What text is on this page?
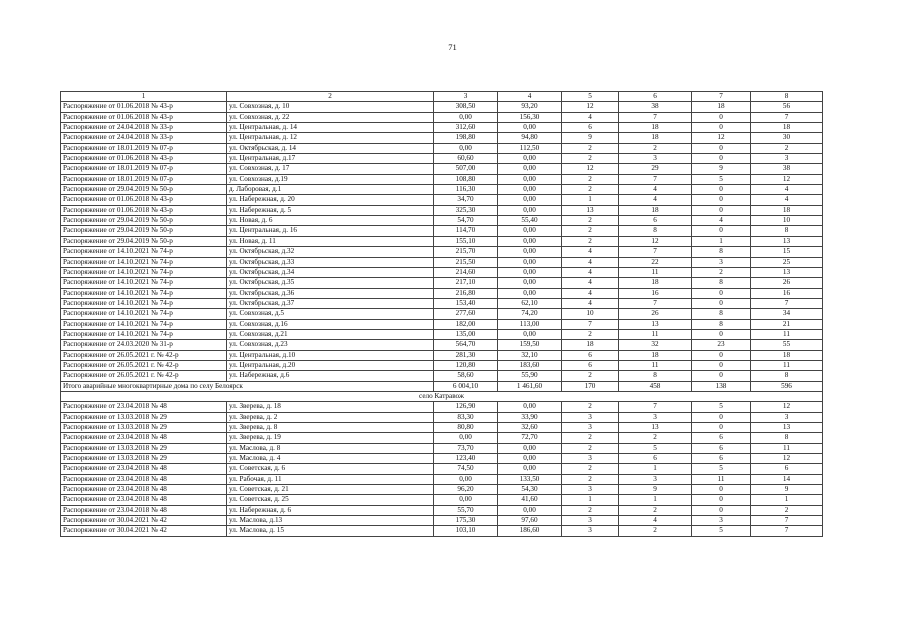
71
1	2	3	4	5	6	7	8
Распоряжение от 01.06.2018 № 43-р	ул. Совхозная, д. 10	308,50	93,20	12	38	18	56
Распоряжение от 01.06.2018 № 43-р	ул. Совхозная, д. 22	0,00	156,30	4	7	0	7
Распоряжение от 24.04.2018 № 33-р	ул. Центральная, д. 14	312,60	0,00	6	18	0	18
Распоряжение от 24.04.2018 № 33-р	ул. Центральная, д. 12	198,80	94,80	9	18	12	30
Распоряжение от 18.01.2019 № 07-р	ул. Октябрьская, д. 14	0,00	112,50	2	2	0	2
Распоряжение от 01.06.2018 № 43-р	ул. Центральная, д.17	60,60	0,00	2	3	0	3
Распоряжение от 18.01.2019 № 07-р	ул. Совхозная, д. 17	507,00	0,00	12	29	9	38
Распоряжение от 18.01.2019 № 07-р	ул. Совхозная, д.19	108,80	0,00	2	7	5	12
Распоряжение от 29.04.2019 № 50-р	д. Лаборовая, д.1	116,30	0,00	2	4	0	4
Распоряжение от 01.06.2018 № 43-р	ул. Набережная, д. 20	34,70	0,00	1	4	0	4
Распоряжение от 01.06.2018 № 43-р	ул. Набережная, д. 5	325,30	0,00	13	18	0	18
Распоряжение от 29.04.2019 № 50-р	ул. Новая, д. 6	54,70	55,40	2	6	4	10
Распоряжение от 29.04.2019 № 50-р	ул. Центральная, д. 16	114,70	0,00	2	8	0	8
Распоряжение от 29.04.2019 № 50-р	ул. Новая, д. 11	155,10	0,00	2	12	1	13
Распоряжение от 14.10.2021 № 74-р	ул. Октябрьская, д.32	215,70	0,00	4	7	8	15
Распоряжение от 14.10.2021 № 74-р	ул. Октябрьская, д.33	215,50	0,00	4	22	3	25
Распоряжение от 14.10.2021 № 74-р	ул. Октябрьская, д.34	214,60	0,00	4	11	2	13
Распоряжение от 14.10.2021 № 74-р	ул. Октябрьская, д.35	217,10	0,00	4	18	8	26
Распоряжение от 14.10.2021 № 74-р	ул. Октябрьская, д.36	216,80	0,00	4	16	0	16
Распоряжение от 14.10.2021 № 74-р	ул. Октябрьская, д.37	153,40	62,10	4	7	0	7
Распоряжение от 14.10.2021 № 74-р	ул. Совхозная, д.5	277,60	74,20	10	26	8	34
Распоряжение от 14.10.2021 № 74-р	ул. Совхозная, д.16	182,00	113,00	7	13	8	21
Распоряжение от 14.10.2021 № 74-р	ул. Совхозная, д.21	135,00	0,00	2	11	0	11
Распоряжение от 24.03.2020 № 31-р	ул. Совхозная, д.23	564,70	159,50	18	32	23	55
Распоряжение от 26.05.2021 г. № 42-р	ул. Центральная, д.10	281,30	32,10	6	18	0	18
Распоряжение от 26.05.2021 г. № 42-р	ул. Центральная, д.20	120,80	183,60	6	11	0	11
Распоряжение от 26.05.2021 г. № 42-р	ул. Набережная, д.6	58,60	55,90	2	8	0	8
Итого аварийные многоквартирные дома по селу Белоярск		6 004,10	1 461,60	170	458	138	596
село Катравож							
Распоряжение от 23.04.2018 № 48	ул. Зверева, д. 18	126,90	0,00	2	7	5	12
Распоряжение от 13.03.2018 № 29	ул. Зверева, д. 2	83,30	33,90	3	3	0	3
Распоряжение от 13.03.2018 № 29	ул. Зверева, д. 8	80,80	32,60	3	13	0	13
Распоряжение от 23.04.2018 № 48	ул. Зверева, д. 19	0,00	72,70	2	2	6	8
Распоряжение от 13.03.2018 № 29	ул. Маслова, д. 8	73,70	0,00	2	5	6	11
Распоряжение от 13.03.2018 № 29	ул. Маслова, д. 4	123,40	0,00	3	6	6	12
Распоряжение от 23.04.2018 № 48	ул. Советская, д. 6	74,50	0,00	2	1	5	6
Распоряжение от 23.04.2018 № 48	ул. Рабочая, д. 11	0,00	133,50	2	3	11	14
Распоряжение от 23.04.2018 № 48	ул. Советская, д. 21	96,20	54,30	3	9	0	9
Распоряжение от 23.04.2018 № 48	ул. Советская, д. 25	0,00	41,60	1	1	0	1
Распоряжение от 23.04.2018 № 48	ул. Набережная, д. 6	55,70	0,00	2	2	0	2
Распоряжение от 30.04.2021 № 42	ул. Маслова, д.13	175,30	97,60	3	4	3	7
Распоряжение от 30.04.2021 № 42	ул. Маслова, д. 15	103,10	186,60	3	2	5	7
